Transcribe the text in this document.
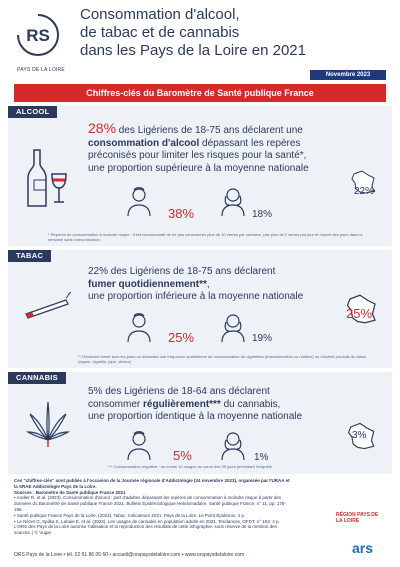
RS
PAYS DE LA LOIRE
Consommation d'alcool,
de tabac et de cannabis
dans les Pays de la Loire en 2021
Novembre 2023
Chiffres-clés du Baromètre de Santé publique France
ALCOOL
28% des Ligériens de 18-75 ans déclarent une
consommation d'alcool dépassant les repères
préconisés pour limiter les risques pour la santé*,
une proportion supérieure à la moyenne nationale
38%	18%
22%
* Repères de consommation à moindre risque : il est recommandé de ne pas consommer plus de 10 verres par semaine, pas plus de 2 verres par jour et d'avoir des jours dans la semaine sans consommation.
TABAC
22% des Ligériens de 18-75 ans déclarent
fumer quotidiennement**,
une proportion inférieure à la moyenne nationale
25%	19%
25%
** Déclarant fumer tous les jours ou déclarant une fréquence quotidienne de consommation de cigarettes (manufacturées ou roulées) ou d'autres produits du tabac (cigare, cigarillo, pipe, chicha)
CANNABIS
5% des Ligériens de 18-64 ans déclarent
consommer régulièrement*** du cannabis,
une proportion identique à la moyenne nationale
5%	1%
3%
*** Consommation régulière : au moins 10 usages au cours des 30 jours précédant l'enquête
Ces "chiffres-clés" sont publiés à l'occasion de la Journée régionale d'Addictologie (24 novembre 2023), organisée par l'URAA et la SRAE Addictologie Pays de la Loire.
Sources : Baromètre de Santé publique France 2021
• Andler R. et al. (2023). Consommation d'alcool : part d'adultes dépassant les repères de consommation à moindre risque à partir des données du Baromètre de Santé publique France 2021. Bulletin Épidémiologique Hebdomadaire. Santé publique France, n° 11, pp. 178-186.
• Santé publique France Pays de la Loire. (2023). Tabac. Indicateurs 2021. Pays de la Loire. Le Point Épidémio. 4 p.
• Le Nézet O, Spilka S, Lahaie E, et al. (2022). Les usages de cannabis en population adulte en 2021. Tendances, OFDT, n° 153. 4 p.
L'ORS des Pays de la Loire autorise l'utilisation et la reproduction des résultats de cette infographie, sous réserve de la mention des sources. | © Vugar
ORS Pays de la Loire • tél. 02 51 86 05 60 • accueil@orspaysdelaloire.com • www.orspaysdelaloire.com
RÉGION PAYS DE LA LOIRE
ars
